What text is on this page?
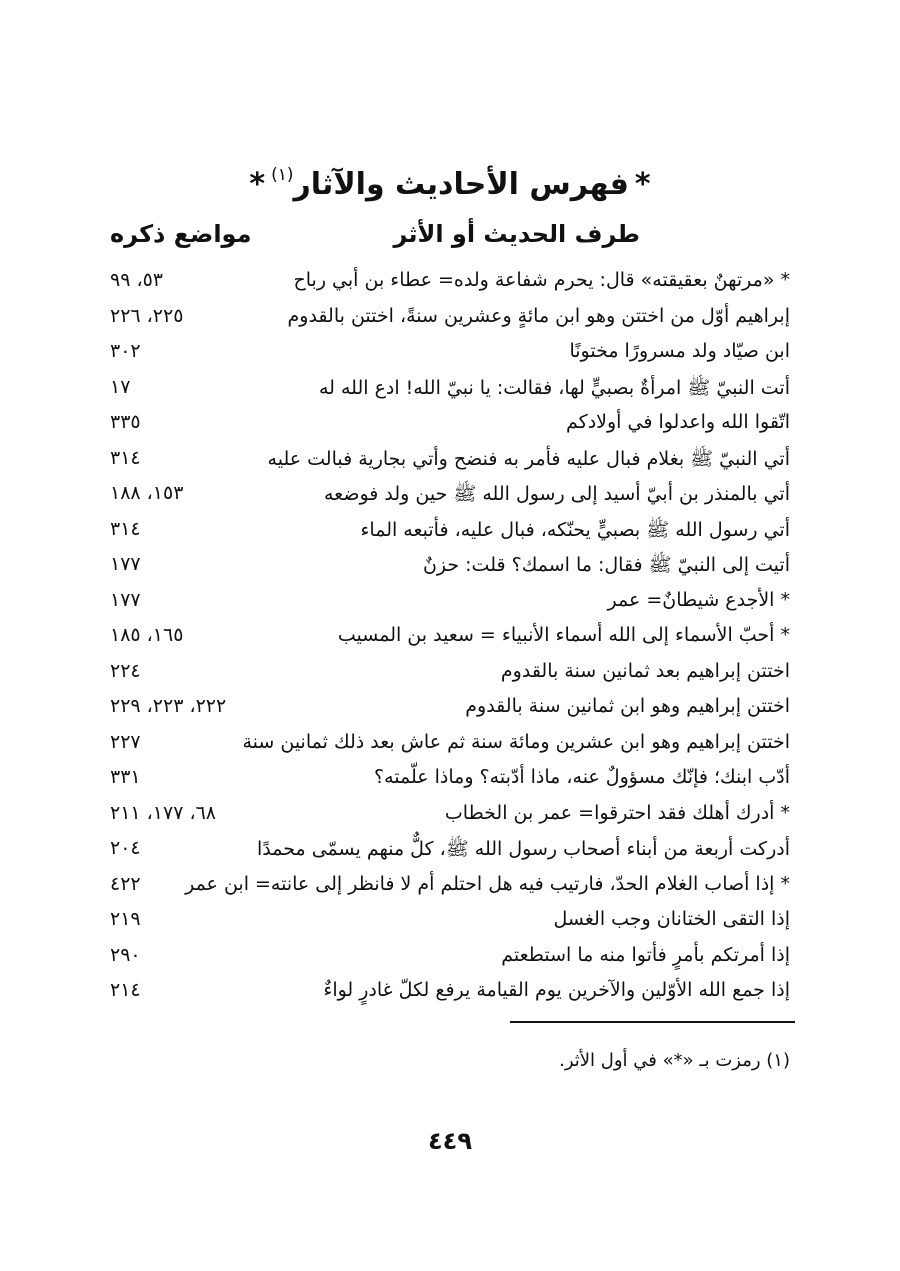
*فهرس الأحاديث والآثار$^{(١)}$*
طرف الحديث أو الأثر
مواضع ذكره
* «مرتهنٌ بعقيقته» قال: يحرم شفاعة ولده= عطاء بن أبي رباح
٥٣، ٩٩
إبراهيم أوّل من اختتن وهو ابن مائةٍ وعشرين سنةً، اختتن بالقدوم
٢٢٥، ٢٢٦
ابن صيّاد ولد مسرورًا مختونًا
٣٠٢
أتت النبيّ ﷺ امرأةٌ بصبيٍّ لها، فقالت: يا نبيّ الله! ادع الله له
١٧
اتّقوا الله واعدلوا في أولادكم
٣٣٥
أتي النبيّ ﷺ بغلام فبال عليه فأمر به فنضح وأتي بجارية فبالت عليه
٣١٤
أتي بالمنذر بن أبيّ أسيد إلى رسول الله ﷺ حين ولد فوضعه
١٥٣، ١٨٨
أتي رسول الله ﷺ بصبيٍّ يحنّكه، فبال عليه، فأتبعه الماء
٣١٤
أتيت إلى النبيّ ﷺ فقال: ما اسمك؟ قلت: حزنٌ
١٧٧
* الأجدع شيطانٌ= عمر
١٧٧
* أحبّ الأسماء إلى الله أسماء الأنبياء = سعيد بن المسيب
١٦٥، ١٨٥
اختتن إبراهيم بعد ثمانين سنة بالقدوم
٢٢٤
اختتن إبراهيم وهو ابن ثمانين سنة بالقدوم
٢٢٢، ٢٢٣، ٢٢٩
اختتن إبراهيم وهو ابن عشرين ومائة سنة ثم عاش بعد ذلك ثمانين سنة
٢٢٧
أدّب ابنك؛ فإنّك مسؤولٌ عنه، ماذا أدّبته؟ وماذا علّمته؟
٣٣١
* أدرك أهلك فقد احترقوا= عمر بن الخطاب
٦٨، ١٧٧، ٢١١
أدركت أربعة من أبناء أصحاب رسول الله ﷺ، كلٌّ منهم يسمّى محمدًا
٢٠٤
* إذا أصاب الغلام الحدّ، فارتيب فيه هل احتلم أم لا فانظر إلى عانته= ابن عمر
٤٢٢
إذا التقى الختانان وجب الغسل
٢١٩
إذا أمرتكم بأمرٍ فأتوا منه ما استطعتم
٢٩٠
إذا جمع الله الأوّلين والآخرين يوم القيامة يرفع لكلّ غادرٍ لواءٌ
٢١٤
(١) رمزت بـ «*» في أول الأثر.
٤٤٩
